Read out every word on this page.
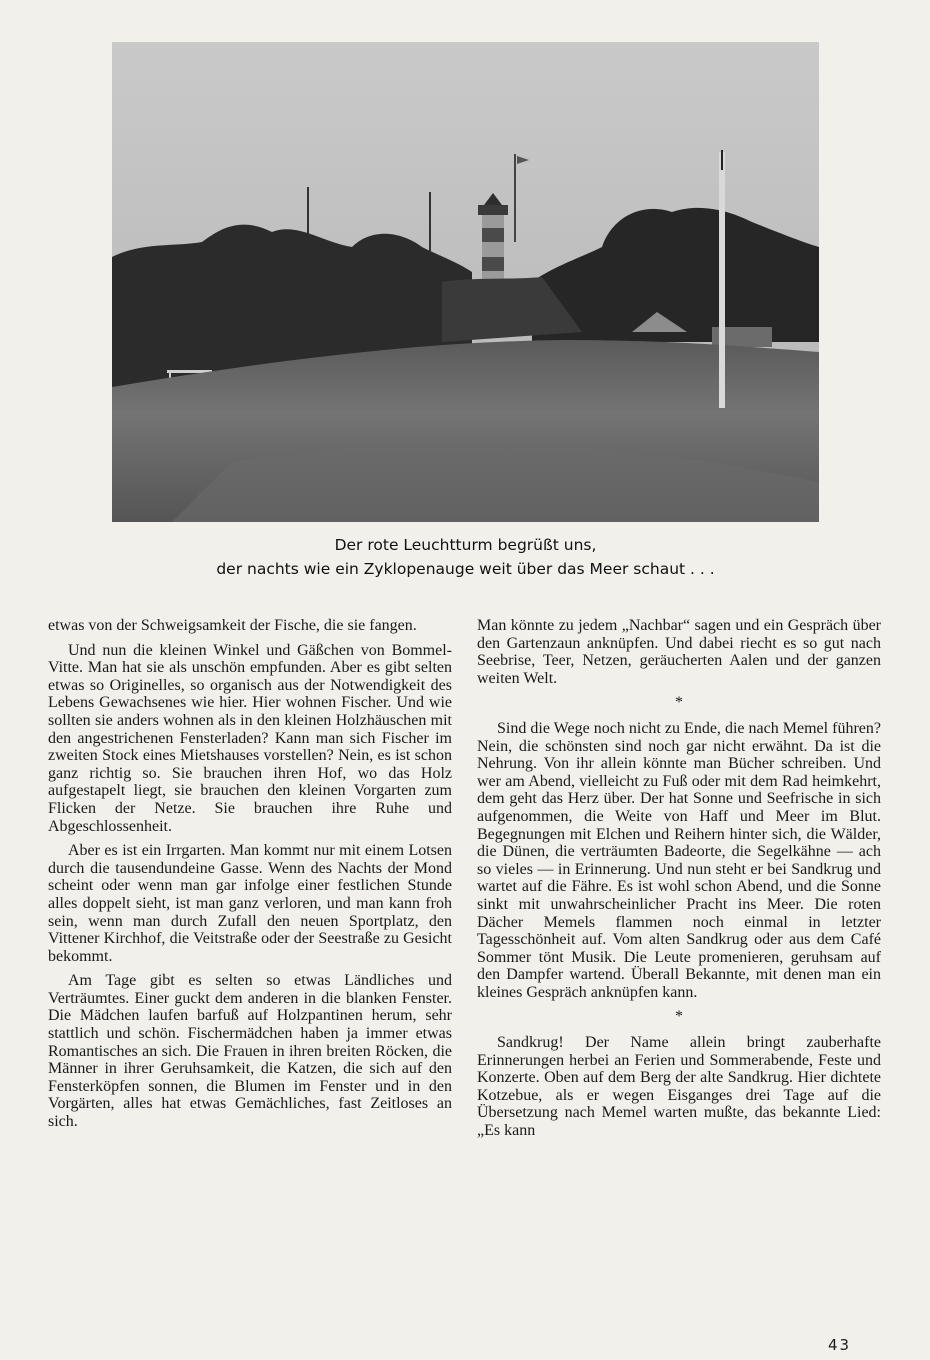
Der rote Leuchtturm begrüßt uns,
der nachts wie ein Zyklopenauge weit über das Meer schaut . . .

etwas von der Schweigsamkeit der Fische, die sie fangen.

Und nun die kleinen Winkel und Gäßchen von Bommel-Vitte. Man hat sie als unschön empfunden. Aber es gibt selten etwas so Originelles, so organisch aus der Notwendigkeit des Lebens Gewachsenes wie hier. Hier wohnen Fischer. Und wie sollten sie anders wohnen als in den kleinen Holzhäuschen mit den angestrichenen Fensterladen? Kann man sich Fischer im zweiten Stock eines Mietshauses vorstellen? Nein, es ist schon ganz richtig so. Sie brauchen ihren Hof, wo das Holz aufgestapelt liegt, sie brauchen den kleinen Vorgarten zum Flicken der Netze. Sie brauchen ihre Ruhe und Abgeschlossenheit.

Aber es ist ein Irrgarten. Man kommt nur mit einem Lotsen durch die tausendundeine Gasse. Wenn des Nachts der Mond scheint oder wenn man gar infolge einer festlichen Stunde alles doppelt sieht, ist man ganz verloren, und man kann froh sein, wenn man durch Zufall den neuen Sportplatz, den Vittener Kirchhof, die Veitstraße oder der Seestraße zu Gesicht bekommt.

Am Tage gibt es selten so etwas Ländliches und Verträumtes. Einer guckt dem anderen in die blanken Fenster. Die Mädchen laufen barfuß auf Holzpantinen herum, sehr stattlich und schön. Fischermädchen haben ja immer etwas Romantisches an sich. Die Frauen in ihren breiten Röcken, die Männer in ihrer Geruhsamkeit, die Katzen, die sich auf den Fensterköpfen sonnen, die Blumen im Fenster und in den Vorgärten, alles hat etwas Gemächliches, fast Zeitloses an sich.

Man könnte zu jedem „Nachbar“ sagen und ein Gespräch über den Gartenzaun anknüpfen. Und dabei riecht es so gut nach Seebrise, Teer, Netzen, geräucherten Aalen und der ganzen weiten Welt.

*

Sind die Wege noch nicht zu Ende, die nach Memel führen? Nein, die schönsten sind noch gar nicht erwähnt. Da ist die Nehrung. Von ihr allein könnte man Bücher schreiben. Und wer am Abend, vielleicht zu Fuß oder mit dem Rad heimkehrt, dem geht das Herz über. Der hat Sonne und Seefrische in sich aufgenommen, die Weite von Haff und Meer im Blut. Begegnungen mit Elchen und Reihern hinter sich, die Wälder, die Dünen, die verträumten Badeorte, die Segelkähne — ach so vieles — in Erinnerung. Und nun steht er bei Sandkrug und wartet auf die Fähre. Es ist wohl schon Abend, und die Sonne sinkt mit unwahrscheinlicher Pracht ins Meer. Die roten Dächer Memels flammen noch einmal in letzter Tagesschönheit auf. Vom alten Sandkrug oder aus dem Café Sommer tönt Musik. Die Leute promenieren, geruhsam auf den Dampfer wartend. Überall Bekannte, mit denen man ein kleines Gespräch anknüpfen kann.

*

Sandkrug! Der Name allein bringt zauberhafte Erinnerungen herbei an Ferien und Sommerabende, Feste und Konzerte. Oben auf dem Berg der alte Sandkrug. Hier dichtete Kotzebue, als er wegen Eisganges drei Tage auf die Übersetzung nach Memel warten mußte, das bekannte Lied: „Es kann

43
